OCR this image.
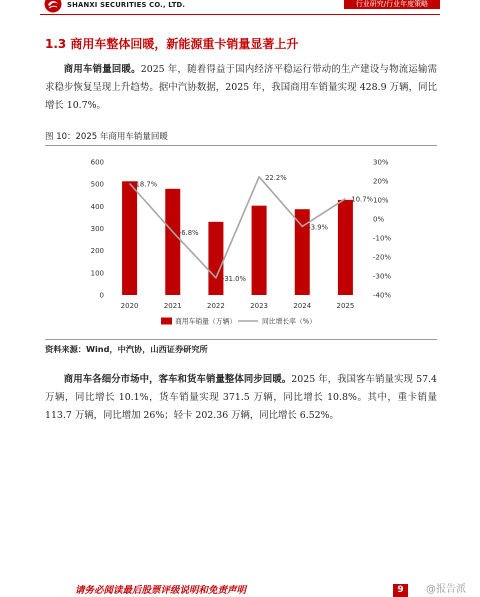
SHANXI SECURITIES CO., LTD.	行业研究/行业年度策略
1.3 商用车整体回暖，新能源重卡销量显著上升
商用车销量回暖。2025 年，随着得益于国内经济平稳运行带动的生产建设与物流运输需求稳步恢复呈现上升趋势。据中汽协数据，2025 年，我国商用车销量实现 428.9 万辆，同比增长 10.7%。
图 10：2025 年商用车销量回暖
0
100
200
300
400
500
600
-40%
-30%
-20%
-10%
0%
10%
20%
30%
18.7%
-6.8%
-31.0%
22.2%
-3.9%
10.7%
2020	2021	2022	2023	2024	2025
商用车销量（万辆）	同比增长率（%）
资料来源：Wind，中汽协，山西证券研究所
商用车各细分市场中，客车和货车销量整体同步回暖。2025 年，我国客车销量实现 57.4 万辆，同比增长 10.1%，货车销量实现 371.5 万辆，同比增长 10.8%。其中，重卡销量 113.7 万辆，同比增加 26%；轻卡 202.36 万辆，同比增长 6.52%。
请务必阅读最后股票评级说明和免责声明	9	@报告派
